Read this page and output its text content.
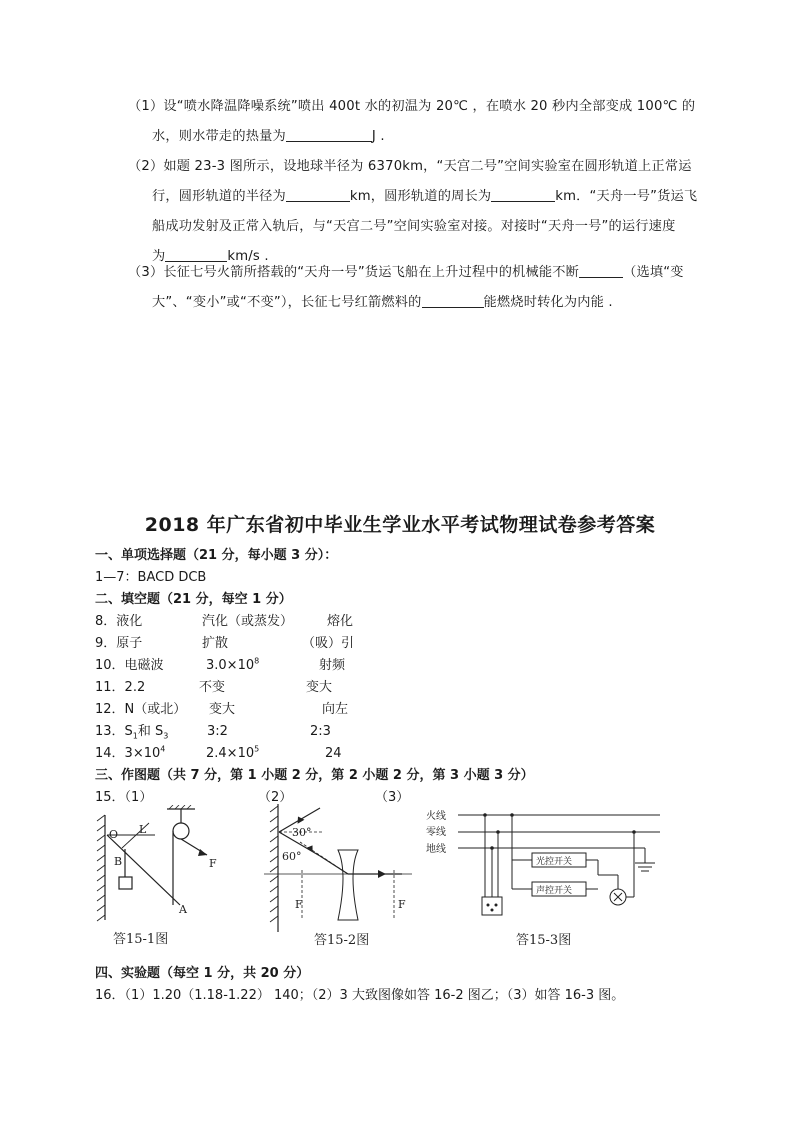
（1）设“喷水降温降噪系统”喷出 400t 水的初温为 20℃ ，在喷水 20 秒内全部变成 100℃ 的
水，则水带走的热量为	J .
（2）如题 23-3 图所示，设地球半径为 6370km，“天宫二号”空间实验室在圆形轨道上正常运
行，圆形轨道的半径为	km，圆形轨道的周长为	km．“天舟一号”货运飞
船成功发射及正常入轨后，与“天宫二号”空间实验室对接。对接时“天舟一号”的运行速度
为	km/s .
（3）长征七号火箭所搭载的“天舟一号”货运飞船在上升过程中的机械能不断	（选填“变
大”、“变小”或“不变”），长征七号红箭燃料的	能燃烧时转化为内能 .
2018 年广东省初中毕业生学业水平考试物理试卷参考答案
一、单项选择题（21 分，每小题 3 分）：
1—7：BACD DCB
二、填空题（21 分，每空 1 分）
8．液化	汽化（或蒸发）	熔化
9．原子	扩散	（吸）引
10．电磁波	$3.0\times 10^8$	射频
11．2.2	不变	变大
12．N（或北） 变大	向左
13．$S_1$和 $S_3$	3:2	2:3
14．$3\times 10^4$	$2.4\times 10^5$	24
三、作图题（共 7 分，第 1 小题 2 分，第 2 小题 2 分，第 3 小题 3 分）
15．（1）	（2）	（3）
O L
B
A
F
答15-1图
30°
60°
F	F
答15-2图
火线
零线
地线
光控开关
声控开关
答15-3图
四、实验题（每空 1 分，共 20 分）
16．（1）1.20（1.18-1.22） 140；（2）3 大致图像如答 16-2 图乙；（3）如答 16-3 图。
